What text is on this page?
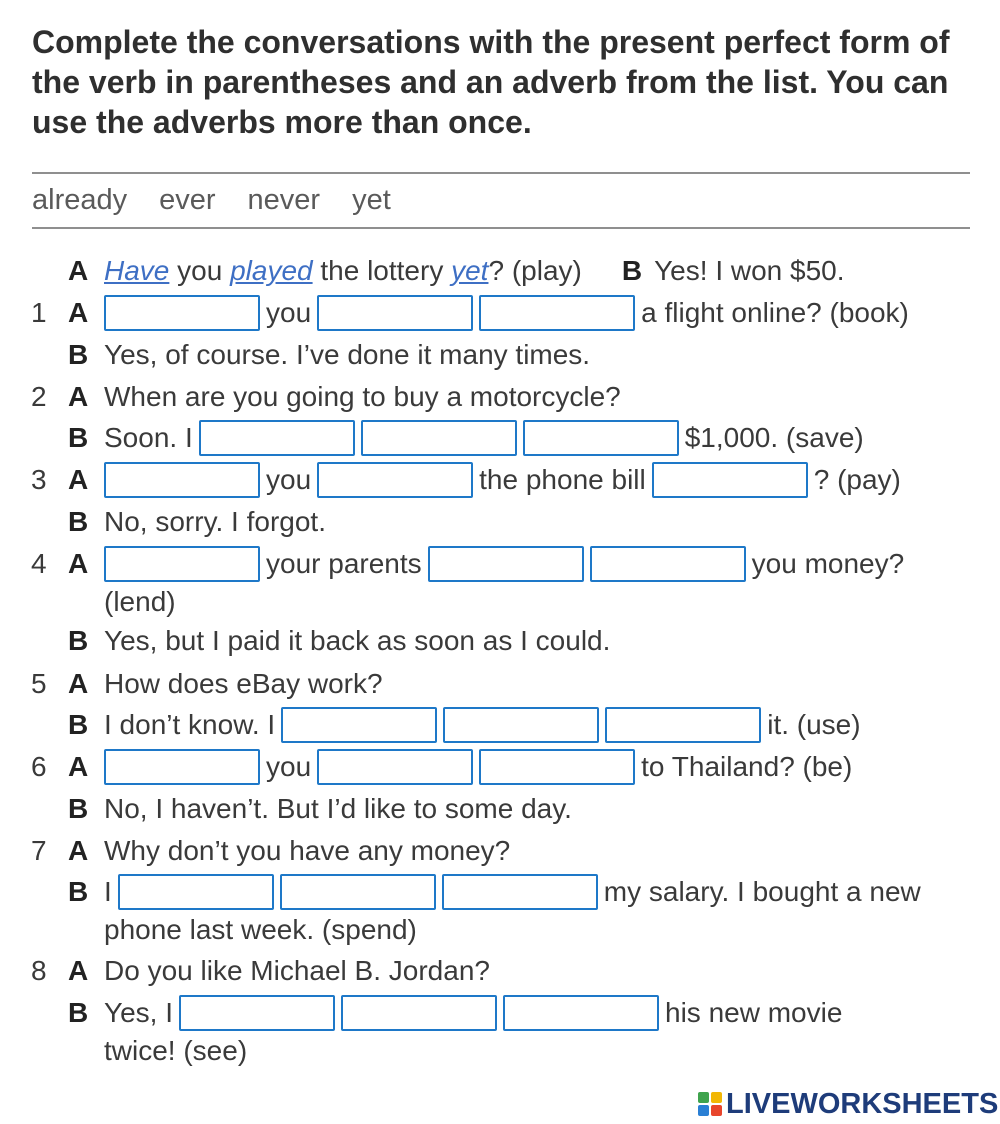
Complete the conversations with the present perfect form of the verb in parentheses and an adverb from the list. You can use the adverbs more than once.

already ever never yet
A Have you played the lottery yet ? (play) B Yes! I won $50.
1 A	you	a flight online? (book)
B Yes, of course. I’ve done it many times.
2 A When are you going to buy a motorcycle?
B Soon. I	$1,000. (save)
3 A	you	the phone bill	? (pay)
B No, sorry. I forgot.
4 A	your parents	you money?
(lend)
B Yes, but I paid it back as soon as I could.
5 A How does eBay work?
B I don’t know. I	it. (use)
6 A	you	to Thailand? (be)
B No, I haven’t. But I’d like to some day.
7 A Why don’t you have any money?
B I	my salary. I bought a new
phone last week. (spend)
8 A Do you like Michael B. Jordan?
B Yes, I	his new movie
twice! (see)
LIVEWORKSHEETS
